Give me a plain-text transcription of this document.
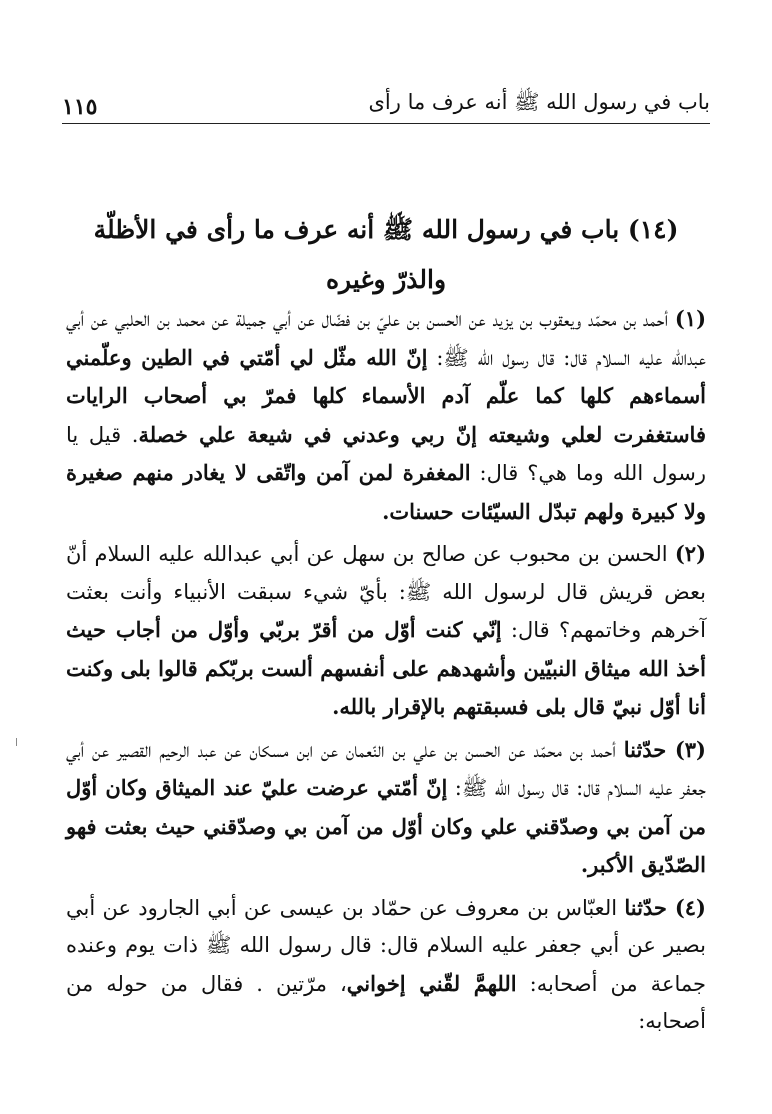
باب في رسول الله ﷺ أنه عرف ما رأى
١١٥
(١٤) باب في رسول الله ﷺ أنه عرف ما رأى في الأظلّة
والذرّ وغيره

(١) أحمد بن محمّد ويعقوب بن يزيد عن الحسن بن عليّ بن فضّال عن أبي جميلة عن محمد بن الحلبي عن أبي عبدالله عليه السلام قال: قال رسول الله ﷺ: إنّ الله مثّل لي أمّتي في الطين وعلّمني أسماءهم كلها كما علّم آدم الأسماء كلها فمرّ بي أصحاب الرايات فاستغفرت لعلي وشيعته إنّ ربي وعدني في شيعة علي خصلة. قيل يا رسول الله وما هي؟ قال: المغفرة لمن آمن واتّقى لا يغادر منهم صغيرة ولا كبيرة ولهم تبدّل السيّئات حسنات.

(٢) الحسن بن محبوب عن صالح بن سهل عن أبي عبدالله عليه السلام أنّ بعض قريش قال لرسول الله ﷺ: بأيّ شيء سبقت الأنبياء وأنت بعثت آخرهم وخاتمهم؟ قال: إنّي كنت أوّل من أقرّ بربّي وأوّل من أجاب حيث أخذ الله ميثاق النبيّين وأشهدهم على أنفسهم ألست بربّكم قالوا بلى وكنت أنا أوّل نبيّ قال بلى فسبقتهم بالإقرار بالله.

(٣) حدّثنا أحمد بن محمّد عن الحسن بن علي بن النّعمان عن ابن مسكان عن عبد الرحيم القصير عن أبي جعفر عليه السلام قال: قال رسول الله ﷺ: إنّ أمّتي عرضت عليّ عند الميثاق وكان أوّل من آمن بي وصدّقني علي وكان أوّل من آمن بي وصدّقني حيث بعثت فهو الصّدّيق الأكبر.

(٤) حدّثنا العبّاس بن معروف عن حمّاد بن عيسى عن أبي الجارود عن أبي بصير عن أبي جعفر عليه السلام قال: قال رسول الله ﷺ ذات يوم وعنده جماعة من أصحابه: اللهمَّ لقّني إخواني، مرّتين . فقال من حوله من أصحابه:
